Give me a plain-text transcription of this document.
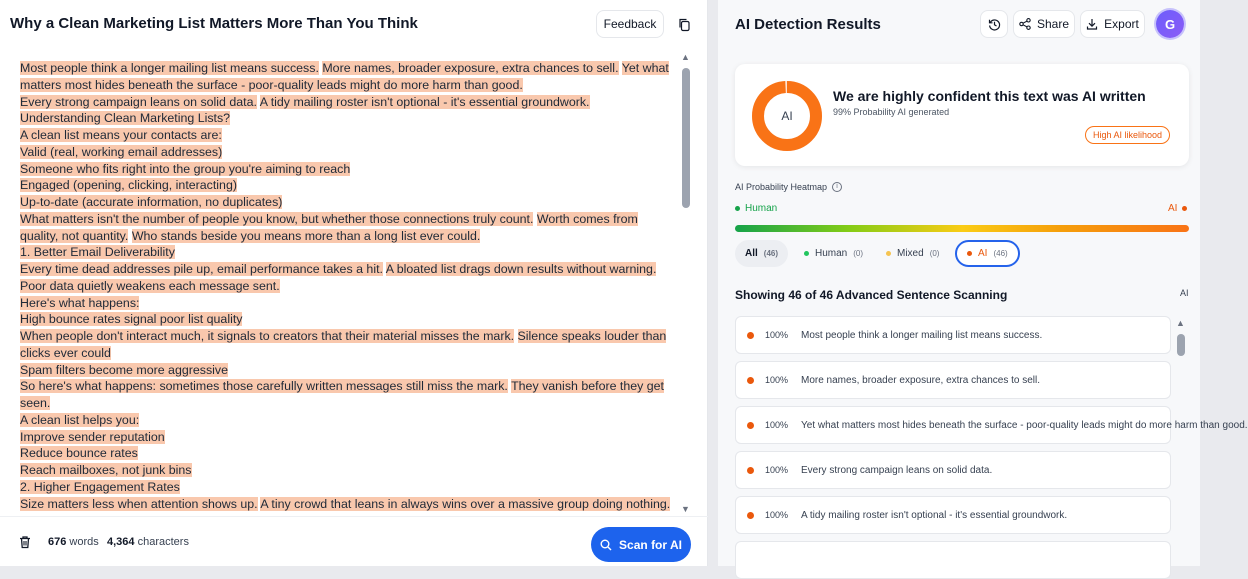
Why a Clean Marketing List Matters More Than You Think	Feedback
Most people think a longer mailing list means success. More names, broader exposure, extra chances to sell. Yet what matters most hides beneath the surface - poor-quality leads might do more harm than good.
Every strong campaign leans on solid data. A tidy mailing roster isn't optional - it's essential groundwork.
Understanding Clean Marketing Lists?
A clean list means your contacts are:
Valid (real, working email addresses)
Someone who fits right into the group you're aiming to reach
Engaged (opening, clicking, interacting)
Up-to-date (accurate information, no duplicates)
What matters isn't the number of people you know, but whether those connections truly count. Worth comes from quality, not quantity. Who stands beside you means more than a long list ever could.
1. Better Email Deliverability
Every time dead addresses pile up, email performance takes a hit. A bloated list drags down results without warning. Poor data quietly weakens each message sent.
Here's what happens:
High bounce rates signal poor list quality
When people don't interact much, it signals to creators that their material misses the mark. Silence speaks louder than clicks ever could
Spam filters become more aggressive
So here's what happens: sometimes those carefully written messages still miss the mark. They vanish before they get seen.
A clean list helps you:
Improve sender reputation
Reduce bounce rates
Reach mailboxes, not junk bins
2. Higher Engagement Rates
Size matters less when attention shows up. A tiny crowd that leans in always wins over a massive group doing nothing.
▲
▼
676 words 4,364 characters	Scan for AI
AI Detection Results	Share	Export	G
AI
We are highly confident this text was AI written
99% Probability AI generated
High AI likelihood
AI Probability Heatmap	i
Human	AI
All (46)	Human (0)	Mixed (0)	AI (46)
Showing 46 of 46 Advanced Sentence Scanning	AI
100%	Most people think a longer mailing list means success.
100%	More names, broader exposure, extra chances to sell.
100%	Yet what matters most hides beneath the surface - poor-quality leads might do more harm than good.
100%	Every strong campaign leans on solid data.
100%	A tidy mailing roster isn't optional - it's essential groundwork.
▲
